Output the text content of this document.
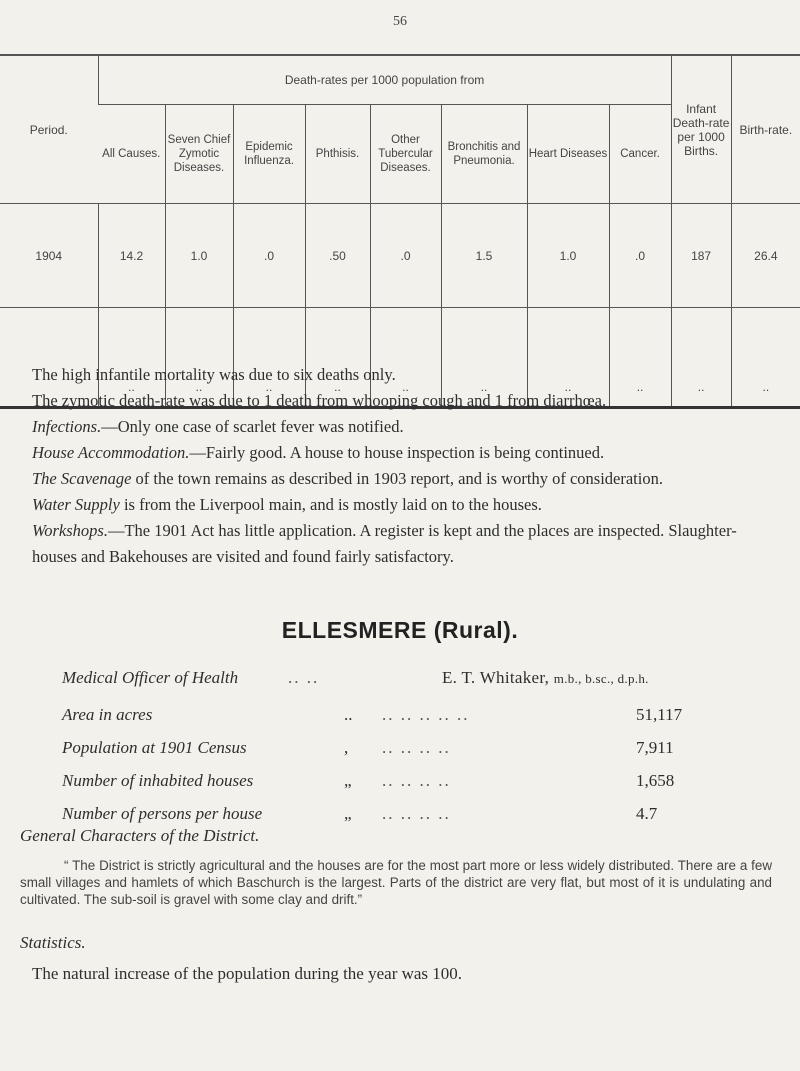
56
Period.	Death-rates per 1000 population from								Infant Death-rate per 1000 Births.	Birth-rate.
	All Causes.	Seven Chief Zymotic Diseases.	Epidemic Influenza.	Phthisis.	Other Tubercular Diseases.	Bronchitis and Pneumonia.	Heart Diseases	Cancer.		
1904	14.2	1.0	.0	.50	.0	1.5	1.0	.0	187	26.4
	..	..	..	..	..	..	..	..	..	..

The high infantile mortality was due to six deaths only.

The zymotic death-rate was due to 1 death from whooping cough and 1 from diarrhœa.

Infections.—Only one case of scarlet fever was notified.

House Accommodation.—Fairly good. A house to house inspection is being continued.

The Scavenage of the town remains as described in 1903 report, and is worthy of consideration.

Water Supply is from the Liverpool main, and is mostly laid on to the houses.

Workshops.—The 1901 Act has little application. A register is kept and the places are inspected. Slaughter-houses and Bakehouses are visited and found fairly satisfactory.

ELLESMERE (Rural).
Medical Officer of Health	.. ..	E. T. Whitaker, m.b., b.sc., d.p.h.
Area in acres	.. .. .. .. .. ..	51,117
Population at 1901 Census	, .. .. .. ..	7,911
Number of inhabited houses	„ .. .. .. ..	1,658
Number of persons per house	„ .. .. .. ..	4.7
General Characters of the District.

“ The District is strictly agricultural and the houses are for the most part more or less widely distributed. There are a few small villages and hamlets of which Baschurch is the largest. Parts of the district are very flat, but most of it is undulating and cultivated. The sub-soil is gravel with some clay and drift.”

Statistics.
The natural increase of the population during the year was 100.
